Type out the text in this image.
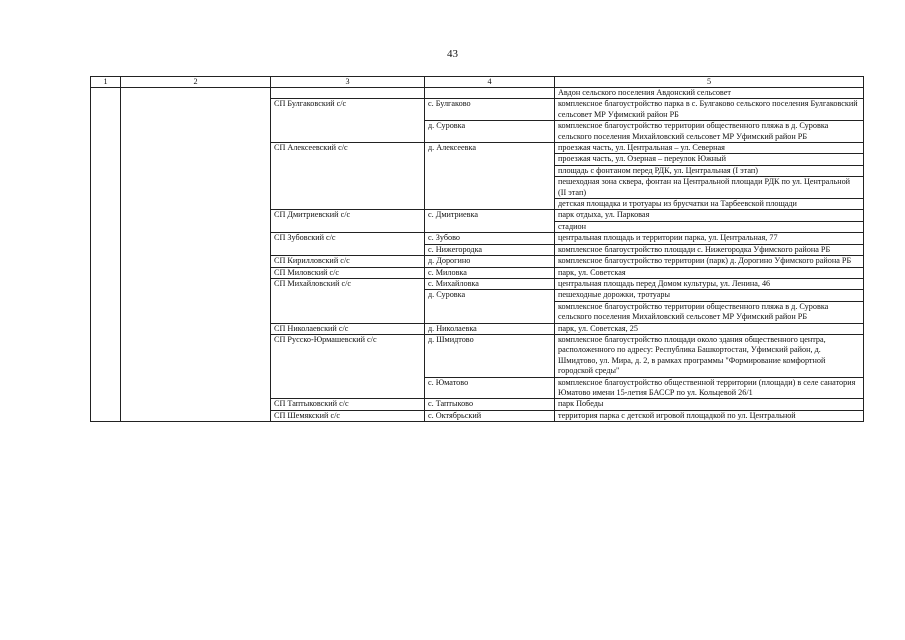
43
1	2	3	4	5
				Авдон сельского поселения Авдонский сельсовет
		СП Булгаковский с/с	с. Булгаково	комплексное благоустройство парка в с. Булгаково сельского поселения Булгаковский сельсовет МР Уфимский район РБ
			д. Суровка	комплексное благоустройство территории общественного пляжа в д. Суровка сельского поселения Михайловский сельсовет МР Уфимский район РБ
		СП Алексеевский с/с	д. Алексеевка	проезжая часть, ул. Центральная – ул. Северная
				проезжая часть, ул. Озерная – переулок Южный
				площадь с фонтаном перед РДК, ул. Центральная (I этап)
				пешеходная зона сквера, фонтан на Центральной площади РДК по ул. Центральной (II этап)
				детская площадка и тротуары из брусчатки на Тарбеевской площади
		СП Дмитриевский с/с	с. Дмитриевка	парк отдыха, ул. Парковая
				стадион
		СП Зубовский с/с	с. Зубово	центральная площадь и территории парка, ул. Центральная, 77
			с. Нижегородка	комплексное благоустройство площади с. Нижегородка Уфимского района РБ
		СП Кирилловский с/с	д. Дорогино	комплексное благоустройство территории (парк) д. Дорогино Уфимского района РБ
		СП Миловский с/с	с. Миловка	парк, ул. Советская
		СП Михайловский с/с	с. Михайловка	центральная площадь перед Домом культуры, ул. Ленина, 46
			д. Суровка	пешеходные дорожки, тротуары
				комплексное благоустройство территории общественного пляжа в д. Суровка сельского поселения Михайловский сельсовет МР Уфимский район РБ
		СП Николаевский с/с	д. Николаевка	парк, ул. Советская, 25
		СП Русско-Юрмашевский с/с	д. Шмидтово	комплексное благоустройство площади около здания общественного центра, расположенного по адресу: Республика Башкортостан, Уфимский район, д. Шмидтово, ул. Мира, д. 2, в рамках программы "Формирование комфортной городской среды"
			с. Юматово	комплексное благоустройство общественной территории (площади) в селе санатория Юматово имени 15-летия БАССР по ул. Кольцевой 26/1
		СП Таптыковский с/с	с. Таптыково	парк Победы
		СП Шемякский с/с	с. Октябрьский	территория парка с детской игровой площадкой по ул. Центральной
